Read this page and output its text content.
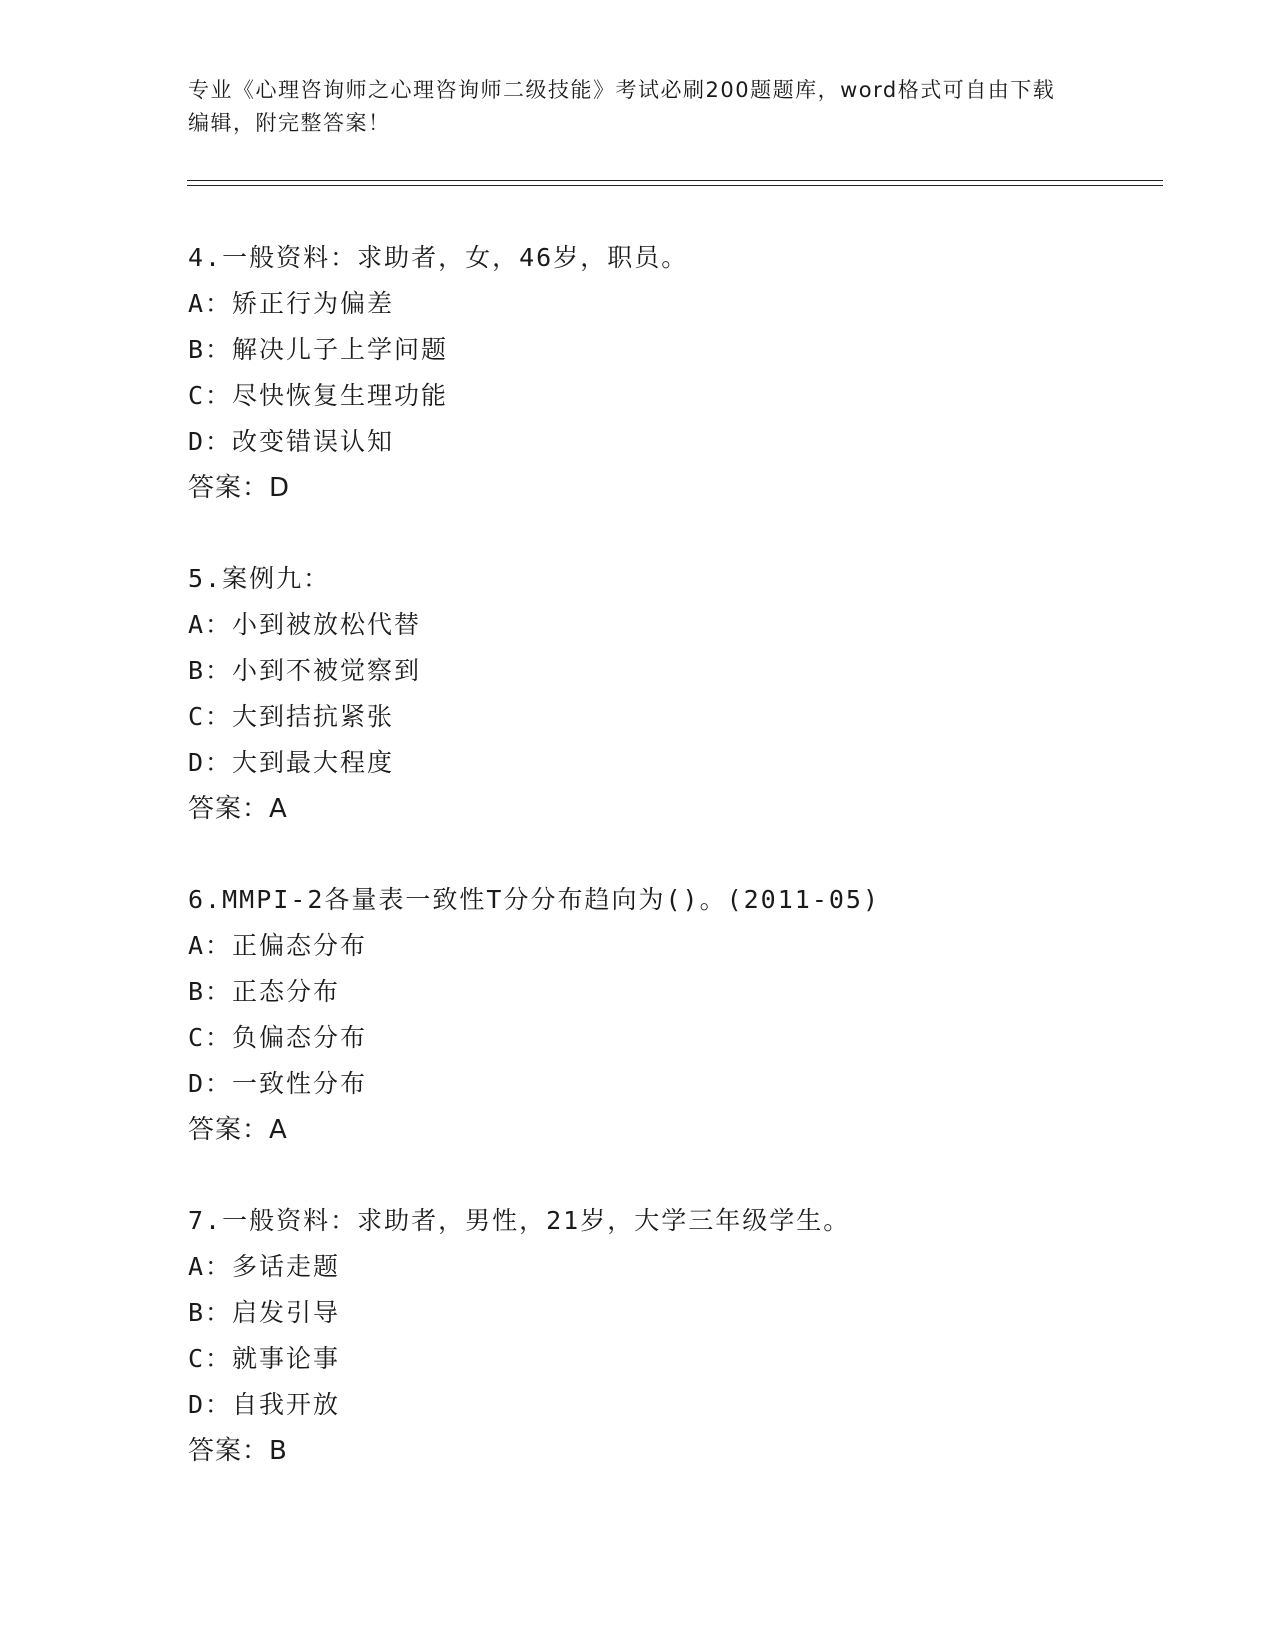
专业《心理咨询师之心理咨询师二级技能》考试必刷200题题库，word格式可自由下载编辑，附完整答案！
4.一般资料：求助者，女，46岁，职员。
A：矫正行为偏差
B：解决儿子上学问题
C：尽快恢复生理功能
D：改变错误认知
答案：D
5.案例九：
A：小到被放松代替
B：小到不被觉察到
C：大到拮抗紧张
D：大到最大程度
答案：A
6.MMPI-2各量表一致性T分分布趋向为()。(2011-05)
A：正偏态分布
B：正态分布
C：负偏态分布
D：一致性分布
答案：A
7.一般资料：求助者，男性，21岁，大学三年级学生。
A：多话走题
B：启发引导
C：就事论事
D：自我开放
答案：B
